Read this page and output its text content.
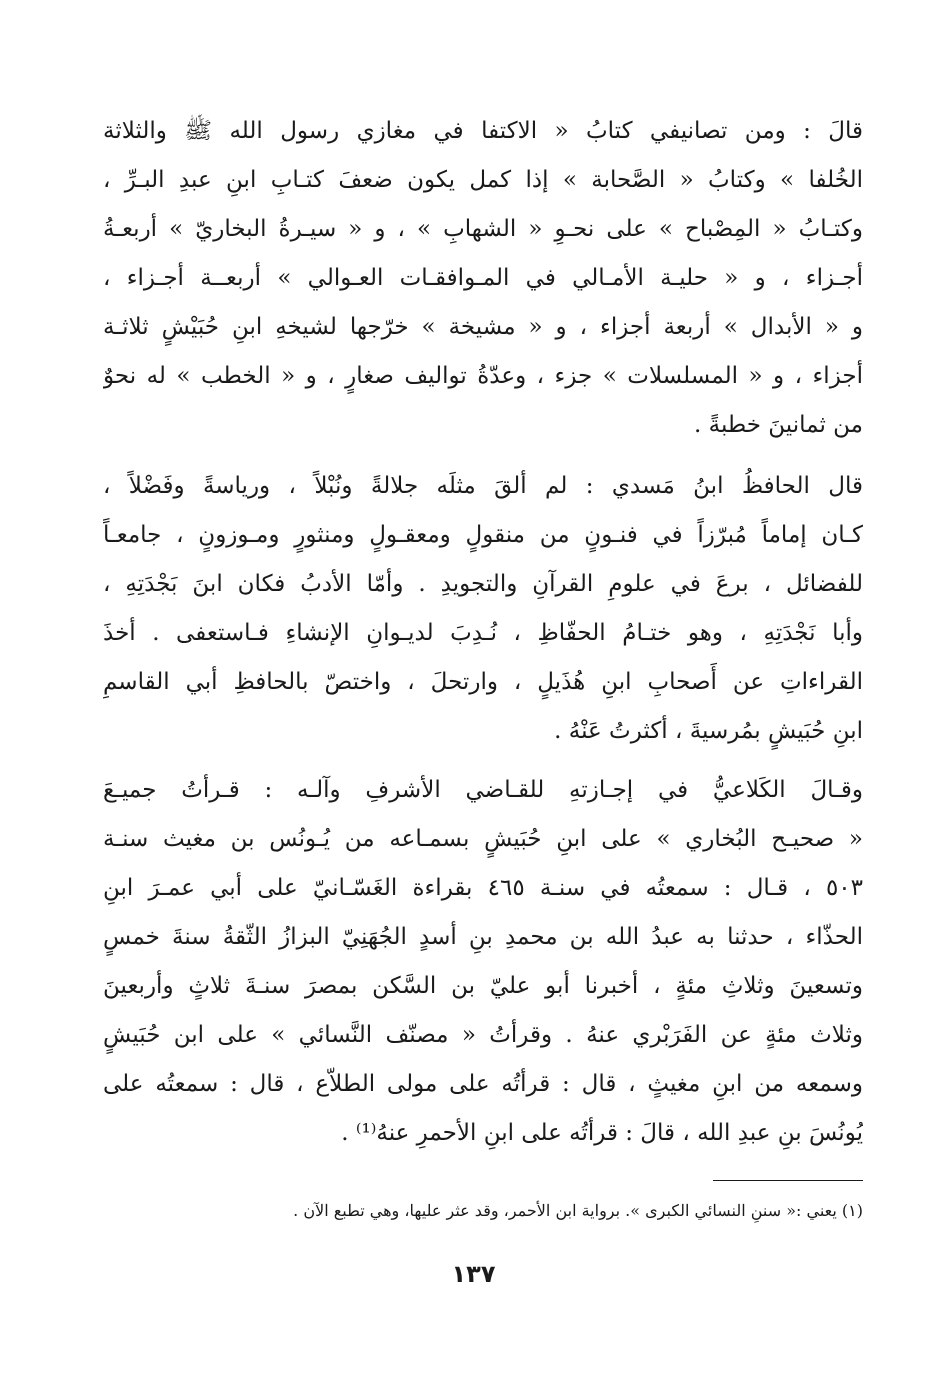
قالَ : ومن تصانيفي كتابُ « الاكتفا في مغازي رسول الله ﷺ والثلاثة
الخُلفا » وكتابُ « الصَّحابة » إذا كمل يكون ضعفَ كتـابِ ابنِ عبدِ البـرِّ ،
وكتـابُ « المِصْباح » على نحـوِ « الشهابِ » ، و « سيـرةُ البخاريّ » أربعـةُ
أجـزاء ، و « حليـة الأمـالي في المـوافقـات العـوالي » أربعــة أجـزاء ،
و « الأبدال » أربعة أجزاء ، و « مشيخة » خرّجها لشيخهِ ابنِ حُبَيْشٍ ثلاثـة
أجزاء ، و « المسلسلات » جزء ، وعدّةُ تواليف صغارٍ ، و « الخطب » له نحوٌ
من ثمانينَ خطبةً .
قال الحافظُ ابنُ مَسدي : لم ألقَ مثلَه جلالةً ونُبْلاً ، ورياسةً وفَضْلاً ،
كـان إماماً مُبرّزاً في فنـونٍ من منقولٍ ومعقـولٍ ومنثورٍ ومـوزونٍ ، جامعـاً
للفضائل ، برعَ في علومِ القرآنِ والتجويدِ . وأمّا الأدبُ فكان ابنَ بَجْدَتِهِ ،
وأبا نَجْدَتِهِ ، وهو ختـامُ الحفّاظِ ، نُـدِبَ لديـوانِ الإنشاءِ فـاستعفى . أخذَ
القراءاتِ عن أَصحابِ ابنِ هُذَيلٍ ، وارتحلَ ، واختصّ بالحافظِ أبي القاسمِ
ابنِ حُبَيشٍ بمُرسيةَ ، أكثرتُ عَنْهُ .
وقـالَ الكَلاعيُّ في إجـازتهِ للقـاضي الأشرفِ وآلـه : قـرأتُ جميـعَ
« صحيـح البُخاري » على ابنِ حُبَيشٍ بسمـاعه من يُـونُس بن مغيث سنـة
٥٠٣ ، قـال : سمعتُه في سنـة ٤٦٥ بقراءة الغَسّـانيّ على أبي عمـرَ ابنِ
الحذّاء ، حدثنا به عبدُ الله بن محمدِ بنِ أسدٍ الجُهَنِيّ البزازُ الثّقةُ سنةَ خمسٍ
وتسعينَ وثلاثِ مئةٍ ، أخبرنا أبو عليّ بن السَّكن بمصرَ سنـةَ ثلاثٍ وأربعينَ
وثلاث مئةٍ عن الفَرَبْري عنهُ . وقرأتُ « مصنّف النَّسائي » على ابن حُبَيشٍ
وسمعه من ابنِ مغيثٍ ، قال : قرأتُه على مولى الطلاّع ، قال : سمعتُه على
يُونُسَ بنِ عبدِ الله ، قالَ : قرأتُه على ابنِ الأحمرِ عنهُ⁽¹⁾ .
(١) يعني :« سننِ النسائي الكبرى ». برواية ابن الأحمر، وقد عثر عليها، وهي تطبع الآن .
١٣٧
